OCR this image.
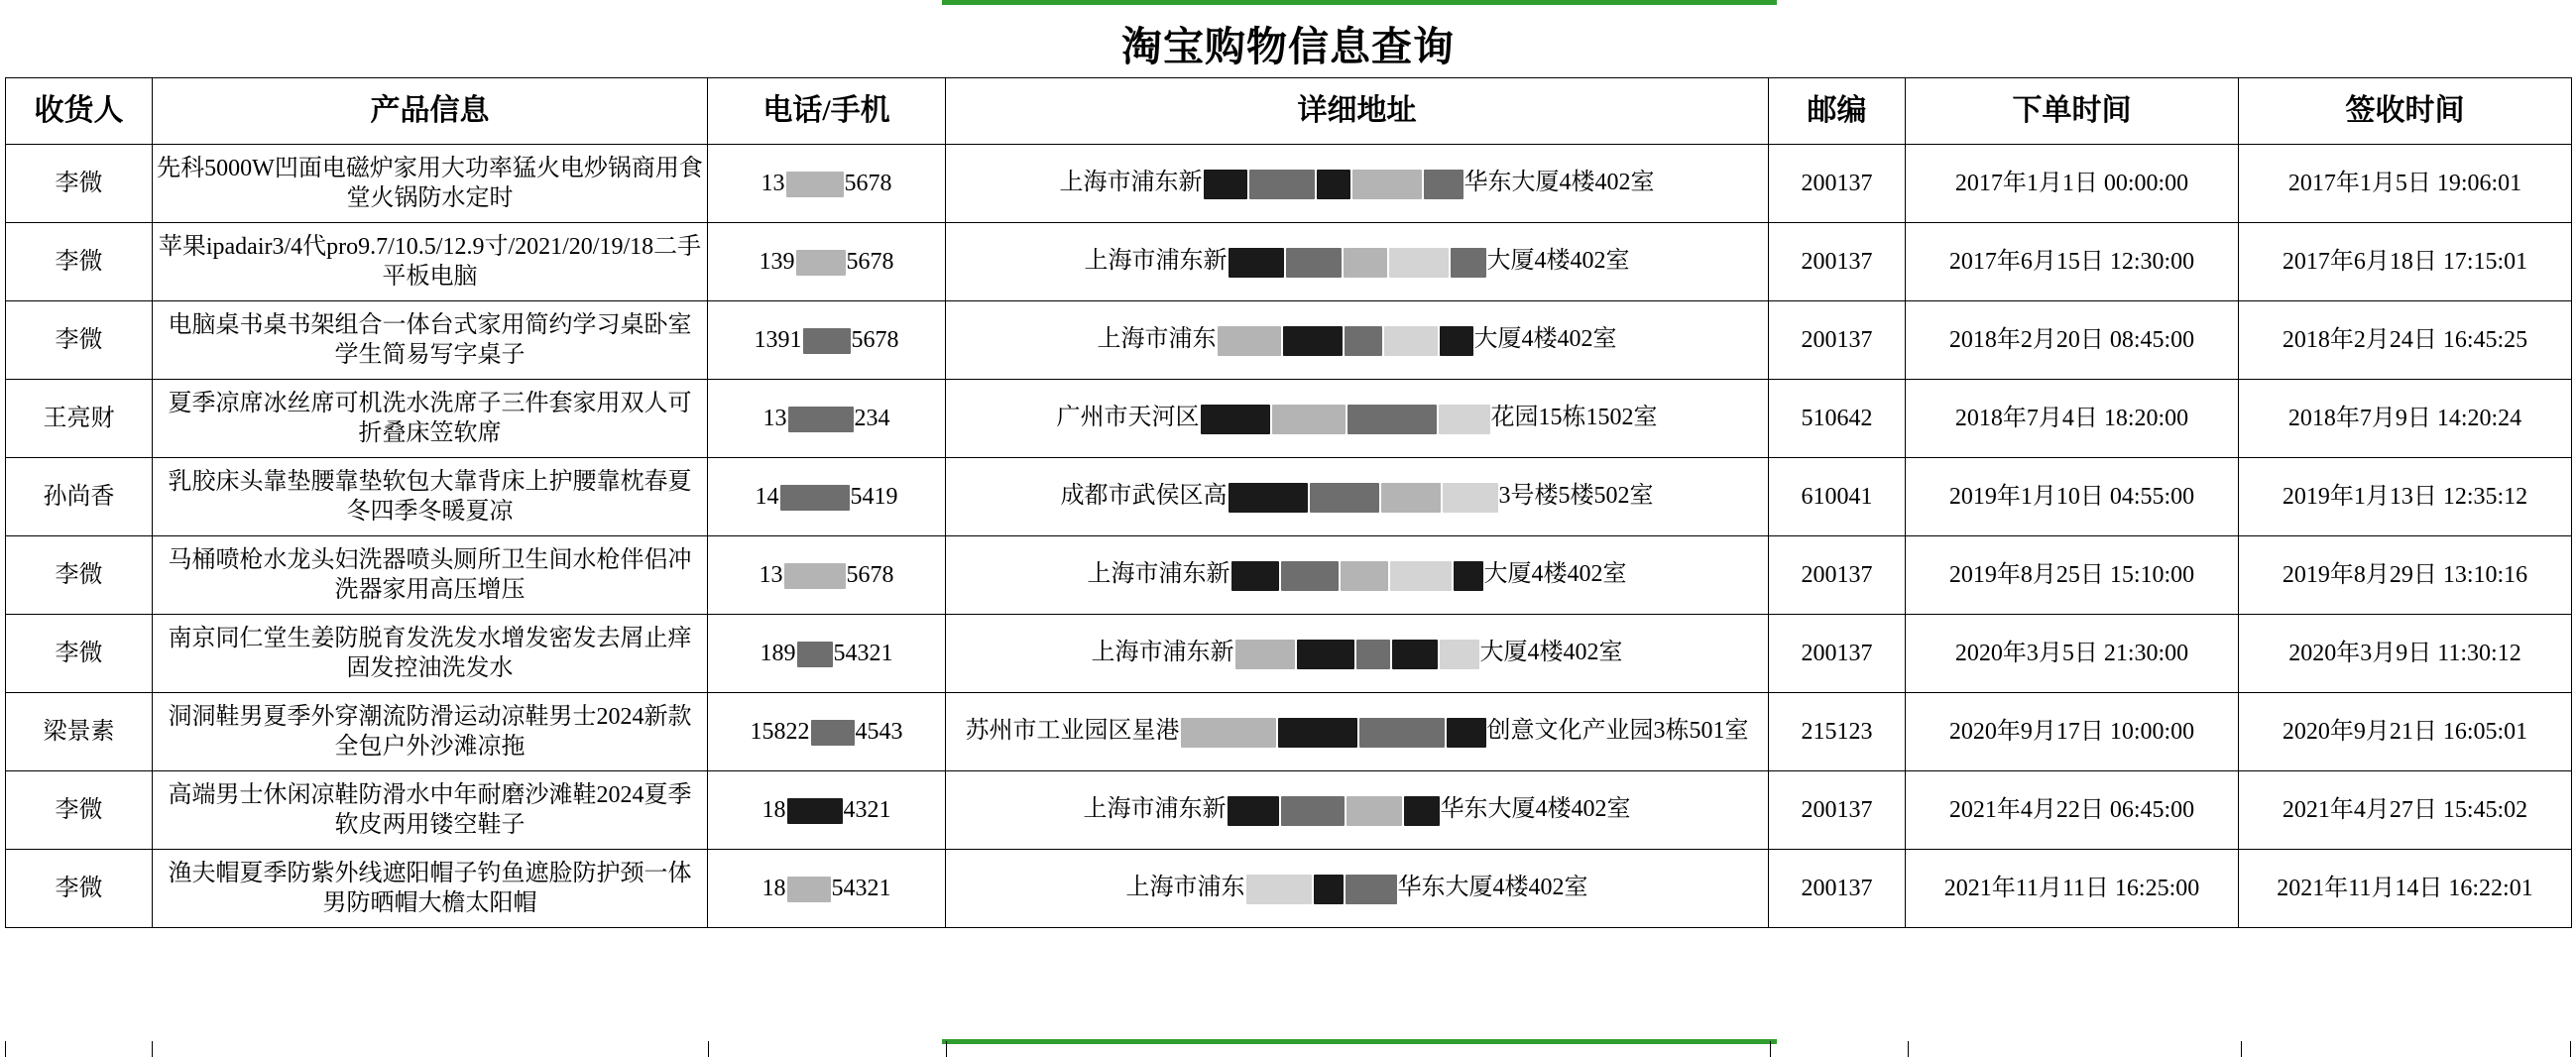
淘宝购物信息查询
收货人	产品信息	电话/手机	详细地址	邮编	下单时间	签收时间
李微	先科5000W凹面电磁炉家用大功率猛火电炒锅商用食堂火锅防水定时	13 5678	上海市浦东新 华东大厦4楼402室	200137	2017年1月1日 00:00:00	2017年1月5日 19:06:01
李微	苹果ipadair3/4代pro9.7/10.5/12.9寸/2021/20/19/18二手平板电脑	139 5678	上海市浦东新 大厦4楼402室	200137	2017年6月15日 12:30:00	2017年6月18日 17:15:01
李微	电脑桌书桌书架组合一体台式家用简约学习桌卧室学生简易写字桌子	1391 5678	上海市浦东 大厦4楼402室	200137	2018年2月20日 08:45:00	2018年2月24日 16:45:25
王亮财	夏季凉席冰丝席可机洗水洗席子三件套家用双人可折叠床笠软席	13 234	广州市天河区 花园15栋1502室	510642	2018年7月4日 18:20:00	2018年7月9日 14:20:24
孙尚香	乳胶床头靠垫腰靠垫软包大靠背床上护腰靠枕春夏冬四季冬暖夏凉	14 5419	成都市武侯区高 3号楼5楼502室	610041	2019年1月10日 04:55:00	2019年1月13日 12:35:12
李微	马桶喷枪水龙头妇洗器喷头厕所卫生间水枪伴侣冲洗器家用高压增压	13 5678	上海市浦东新 大厦4楼402室	200137	2019年8月25日 15:10:00	2019年8月29日 13:10:16
李微	南京同仁堂生姜防脱育发洗发水增发密发去屑止痒固发控油洗发水	189 54321	上海市浦东新 大厦4楼402室	200137	2020年3月5日 21:30:00	2020年3月9日 11:30:12
梁景素	洞洞鞋男夏季外穿潮流防滑运动凉鞋男士2024新款全包户外沙滩凉拖	15822 4543	苏州市工业园区星港 创意文化产业园3栋501室	215123	2020年9月17日 10:00:00	2020年9月21日 16:05:01
李微	高端男士休闲凉鞋防滑水中年耐磨沙滩鞋2024夏季软皮两用镂空鞋子	18 4321	上海市浦东新 华东大厦4楼402室	200137	2021年4月22日 06:45:00	2021年4月27日 15:45:02
李微	渔夫帽夏季防紫外线遮阳帽子钓鱼遮脸防护颈一体男防晒帽大檐太阳帽	18 54321	上海市浦东 华东大厦4楼402室	200137	2021年11月11日 16:25:00	2021年11月14日 16:22:01
